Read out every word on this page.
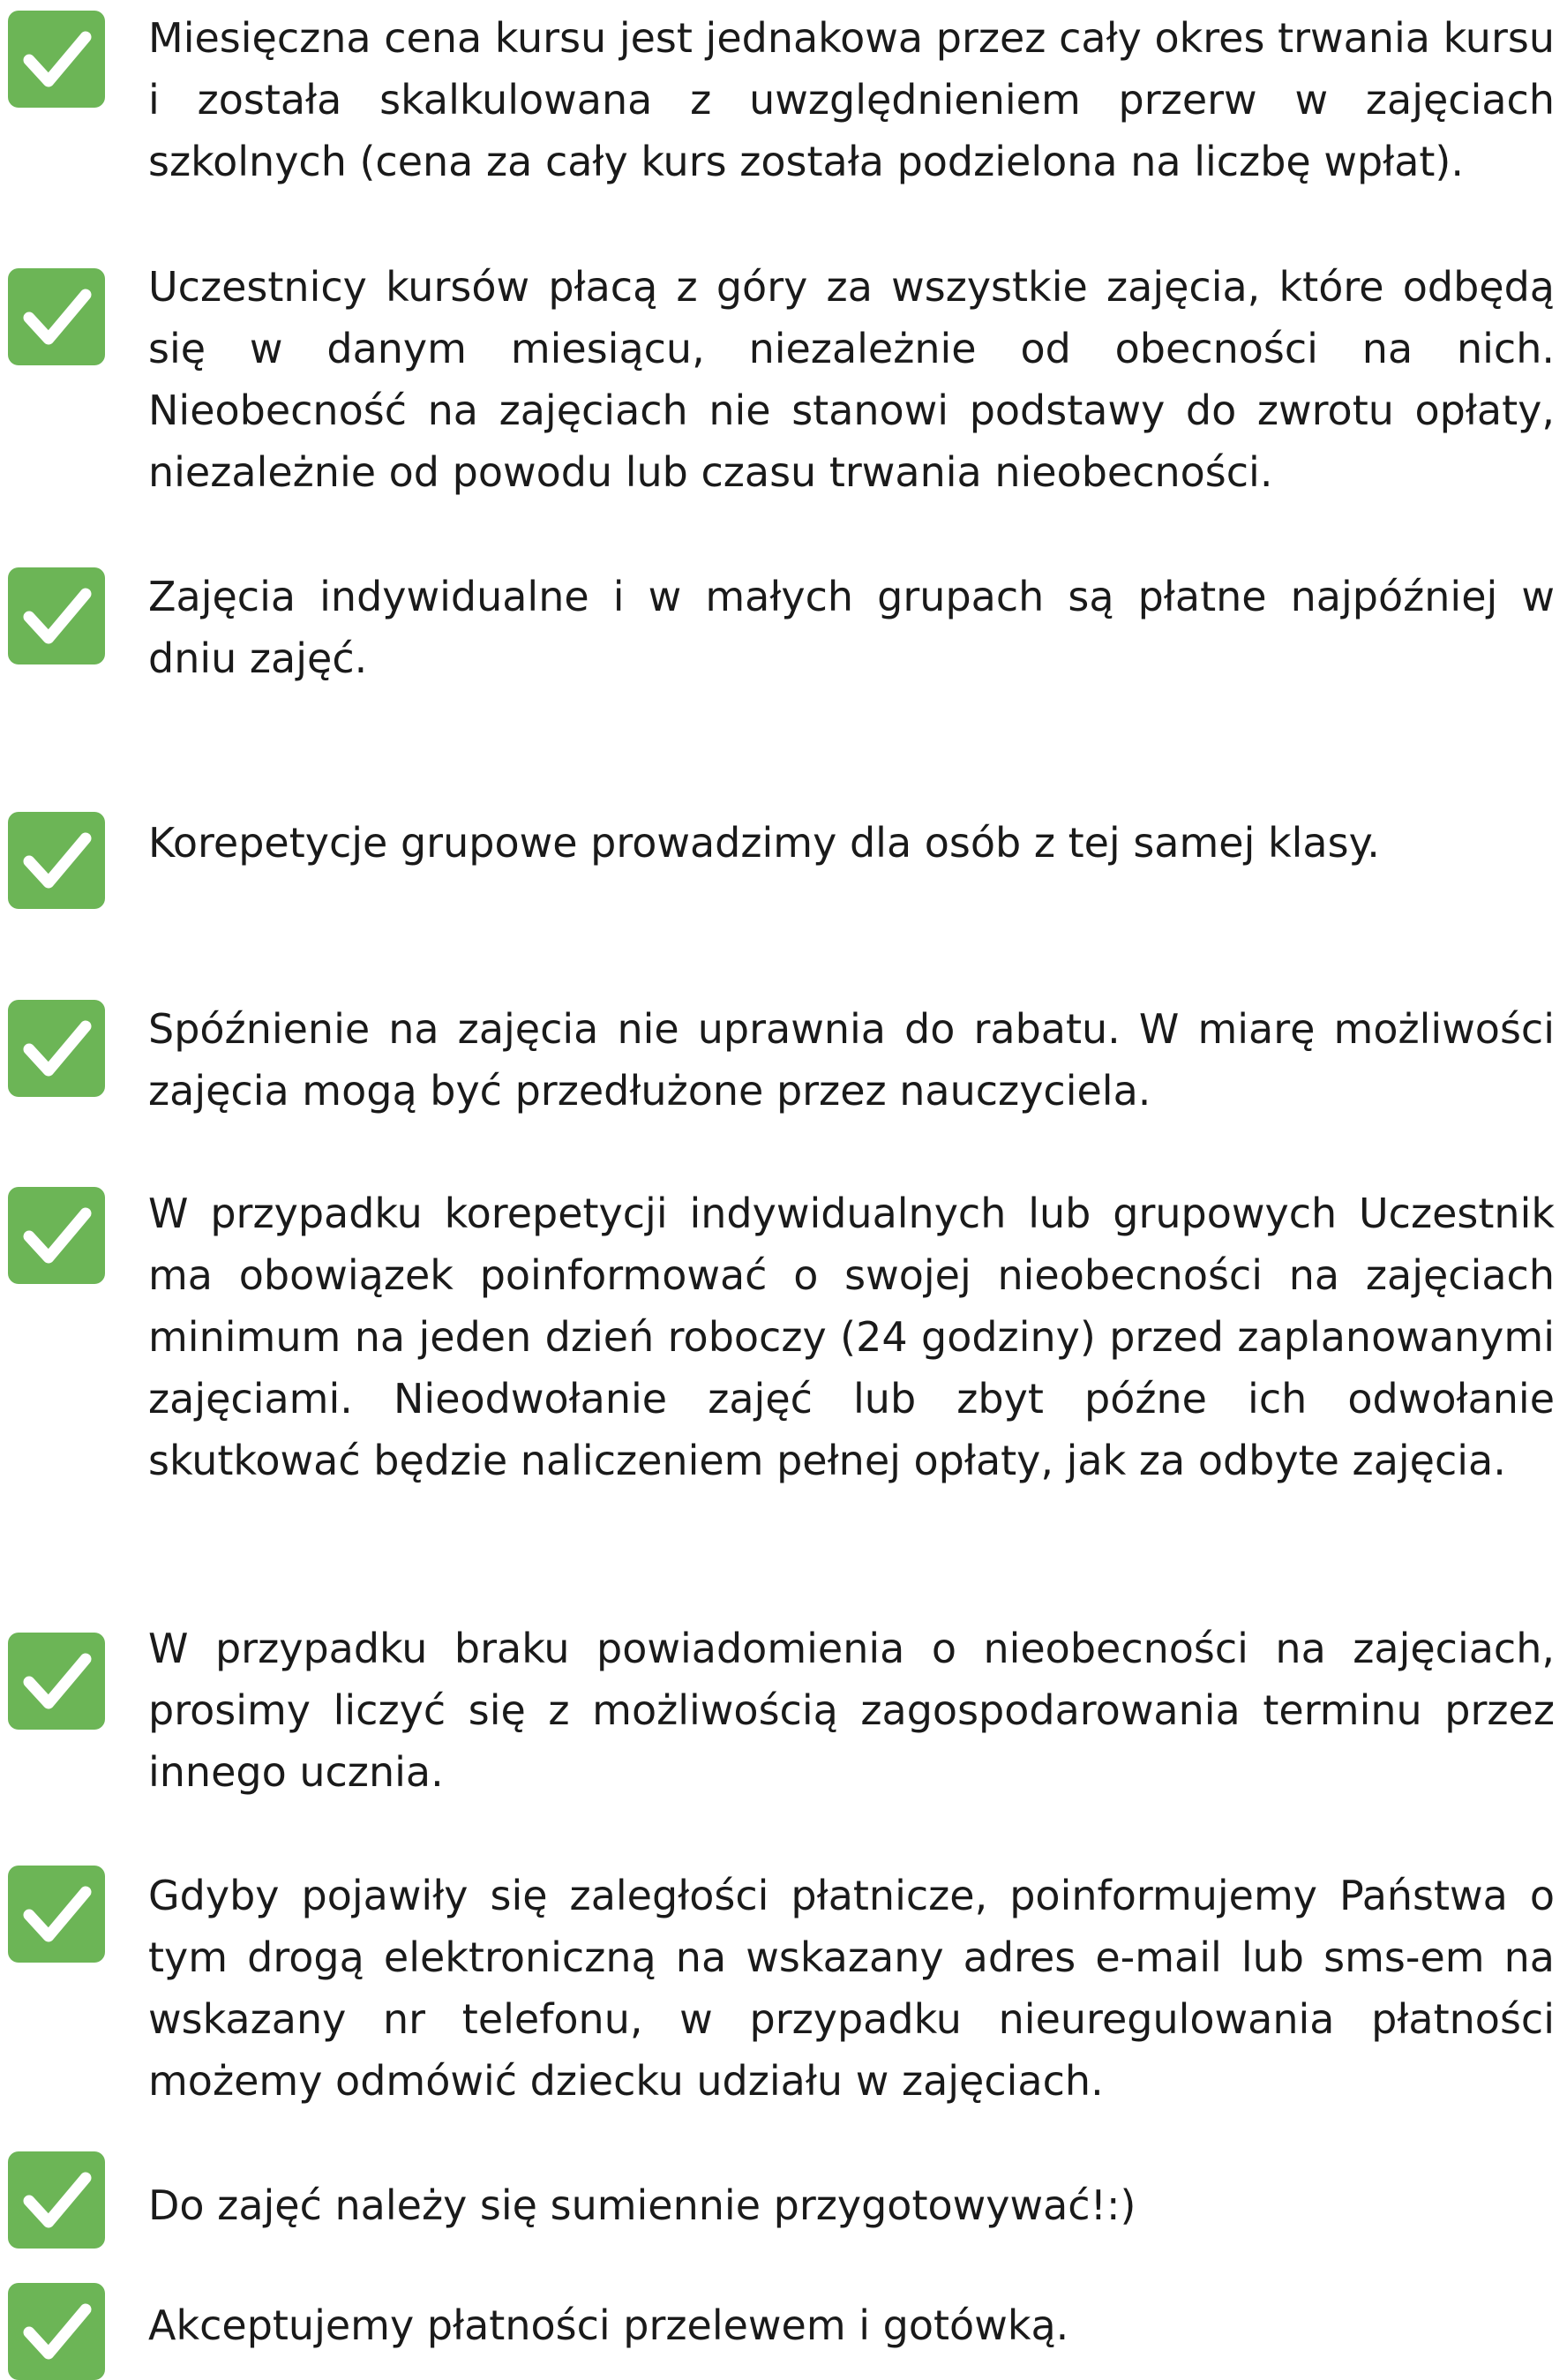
Miesięczna cena kursu jest jednakowa przez cały okres trwania kursu i została skalkulowana z uwzględnieniem przerw w zajęciach szkolnych (cena za cały kurs została podzielona na liczbę wpłat).

Uczestnicy kursów płacą z góry za wszystkie zajęcia, które odbędą się w danym miesiącu, niezależnie od obecności na nich. Nieobecność na zajęciach nie stanowi podstawy do zwrotu opłaty, niezależnie od powodu lub czasu trwania nieobecności.

Zajęcia indywidualne i w małych grupach są płatne najpóźniej w dniu zajęć.

Korepetycje grupowe prowadzimy dla osób z tej samej klasy.

Spóźnienie na zajęcia nie uprawnia do rabatu. W miarę możliwości zajęcia mogą być przedłużone przez nauczyciela.

W przypadku korepetycji indywidualnych lub grupowych Uczestnik ma obowiązek poinformować o swojej nieobecności na zajęciach minimum na jeden dzień roboczy (24 godziny) przed zaplanowanymi zajęciami. Nieodwołanie zajęć lub zbyt późne ich odwołanie skutkować będzie naliczeniem pełnej opłaty, jak za odbyte zajęcia.

W przypadku braku powiadomienia o nieobecności na zajęciach, prosimy liczyć się z możliwością zagospodarowania terminu przez innego ucznia.

Gdyby pojawiły się zaległości płatnicze, poinformujemy Państwa o tym drogą elektroniczną na wskazany adres e-mail lub sms-em na wskazany nr telefonu, w przypadku nieuregulowania płatności możemy odmówić dziecku udziału w zajęciach.

Do zajęć należy się sumiennie przygotowywać!:)

Akceptujemy płatności przelewem i gotówką.
